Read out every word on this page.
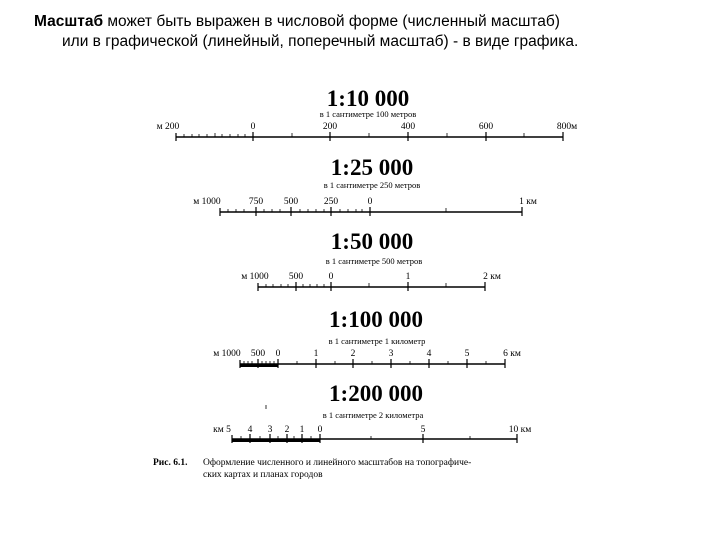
Масштаб может быть выражен в числовой форме (численный масштаб)
или в графической (линейный, поперечный масштаб) - в виде графика.
1:10 000
в 1 сантиметре 100 метров
м 200	0	200	400	600	800м
1:25 000
в 1 сантиметре 250 метров
м 1000	750 500	250	0	1 км
1:50 000
в 1 сантиметре 500 метров
м 1000 500	0	1	2 км
1:100 000
в 1 сантиметре 1 километр
м 1000 500 0	1	2	3	4	5	6 км
1:200 000
в 1 сантиметре 2 километра
км 5 4 3 2 1 0	5	10 км
Рис. 6.1. Оформление численного и линейного масштабов на топографиче-
ских картах и планах городов
